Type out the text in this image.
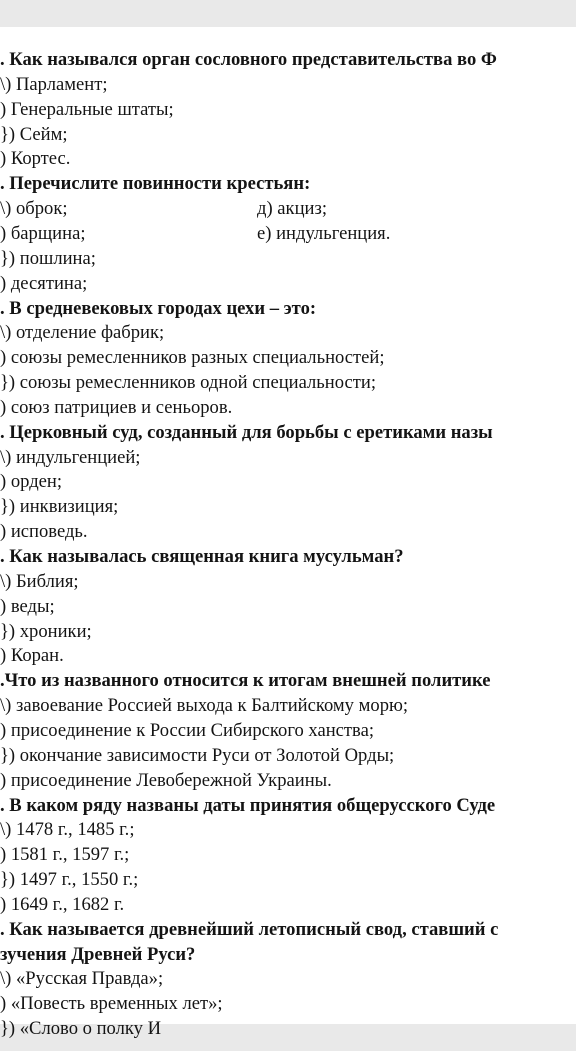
. Как назывался орган сословного представительства во Ф
\) Парламент;
) Генеральные штаты;
}) Сейм;
) Кортес.
. Перечислите повинности крестьян:
\) оброк;	д) акциз;
) барщина;	е) индульгенция.
}) пошлина;
) десятина;
. В средневековых городах цехи – это:
\) отделение фабрик;
) союзы ремесленников разных специальностей;
}) союзы ремесленников одной специальности;
) союз патрициев и сеньоров.
. Церковный суд, созданный для борьбы с еретиками назы
\) индульгенцией;
) орден;
}) инквизиция;
) исповедь.
. Как называлась священная книга мусульман?
\) Библия;
) веды;
}) хроники;
) Коран.
.Что из названного относится к итогам внешней политике
\) завоевание Россией выхода к Балтийскому морю;
) присоединение к России Сибирского ханства;
}) окончание зависимости Руси от Золотой Орды;
) присоединение Левобережной Украины.
. В каком ряду названы даты принятия общерусского Суде
\) 1478 г., 1485 г.;
) 1581 г., 1597 г.;
}) 1497 г., 1550 г.;
) 1649 г., 1682 г.
. Как называется древнейший летописный свод, ставший с
зучения Древней Руси?
\) «Русская Правда»;
) «Повесть временных лет»;
}) «Слово о полку И
